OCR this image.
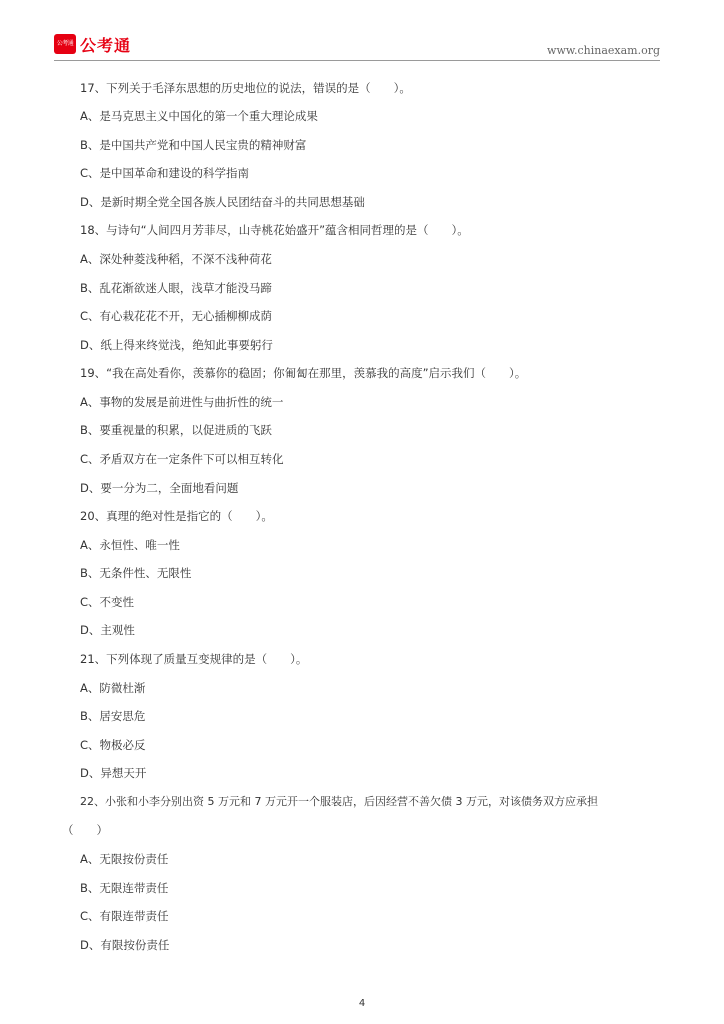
公考通 公考通	www.chinaexam.org
17、下列关于毛泽东思想的历史地位的说法，错误的是（　　）。
A、是马克思主义中国化的第一个重大理论成果
B、是中国共产党和中国人民宝贵的精神财富
C、是中国革命和建设的科学指南
D、是新时期全党全国各族人民团结奋斗的共同思想基础
18、与诗句“人间四月芳菲尽，山寺桃花始盛开”蕴含相同哲理的是（　　）。
A、深处种菱浅种稻，不深不浅种荷花
B、乱花渐欲迷人眼，浅草才能没马蹄
C、有心栽花花不开，无心插柳柳成荫
D、纸上得来终觉浅，绝知此事要躬行
19、“我在高处看你，羡慕你的稳固；你匍匐在那里，羡慕我的高度”启示我们（　　）。
A、事物的发展是前进性与曲折性的统一
B、要重视量的积累，以促进质的飞跃
C、矛盾双方在一定条件下可以相互转化
D、要一分为二，全面地看问题
20、真理的绝对性是指它的（　　）。
A、永恒性、唯一性
B、无条件性、无限性
C、不变性
D、主观性
21、下列体现了质量互变规律的是（　　）。
A、防微杜渐
B、居安思危
C、物极必反
D、异想天开
22、小张和小李分别出资 5 万元和 7 万元开一个服装店，后因经营不善欠债 3 万元，对该债务双方应承担
（　　）
A、无限按份责任
B、无限连带责任
C、有限连带责任
D、有限按份责任
4
